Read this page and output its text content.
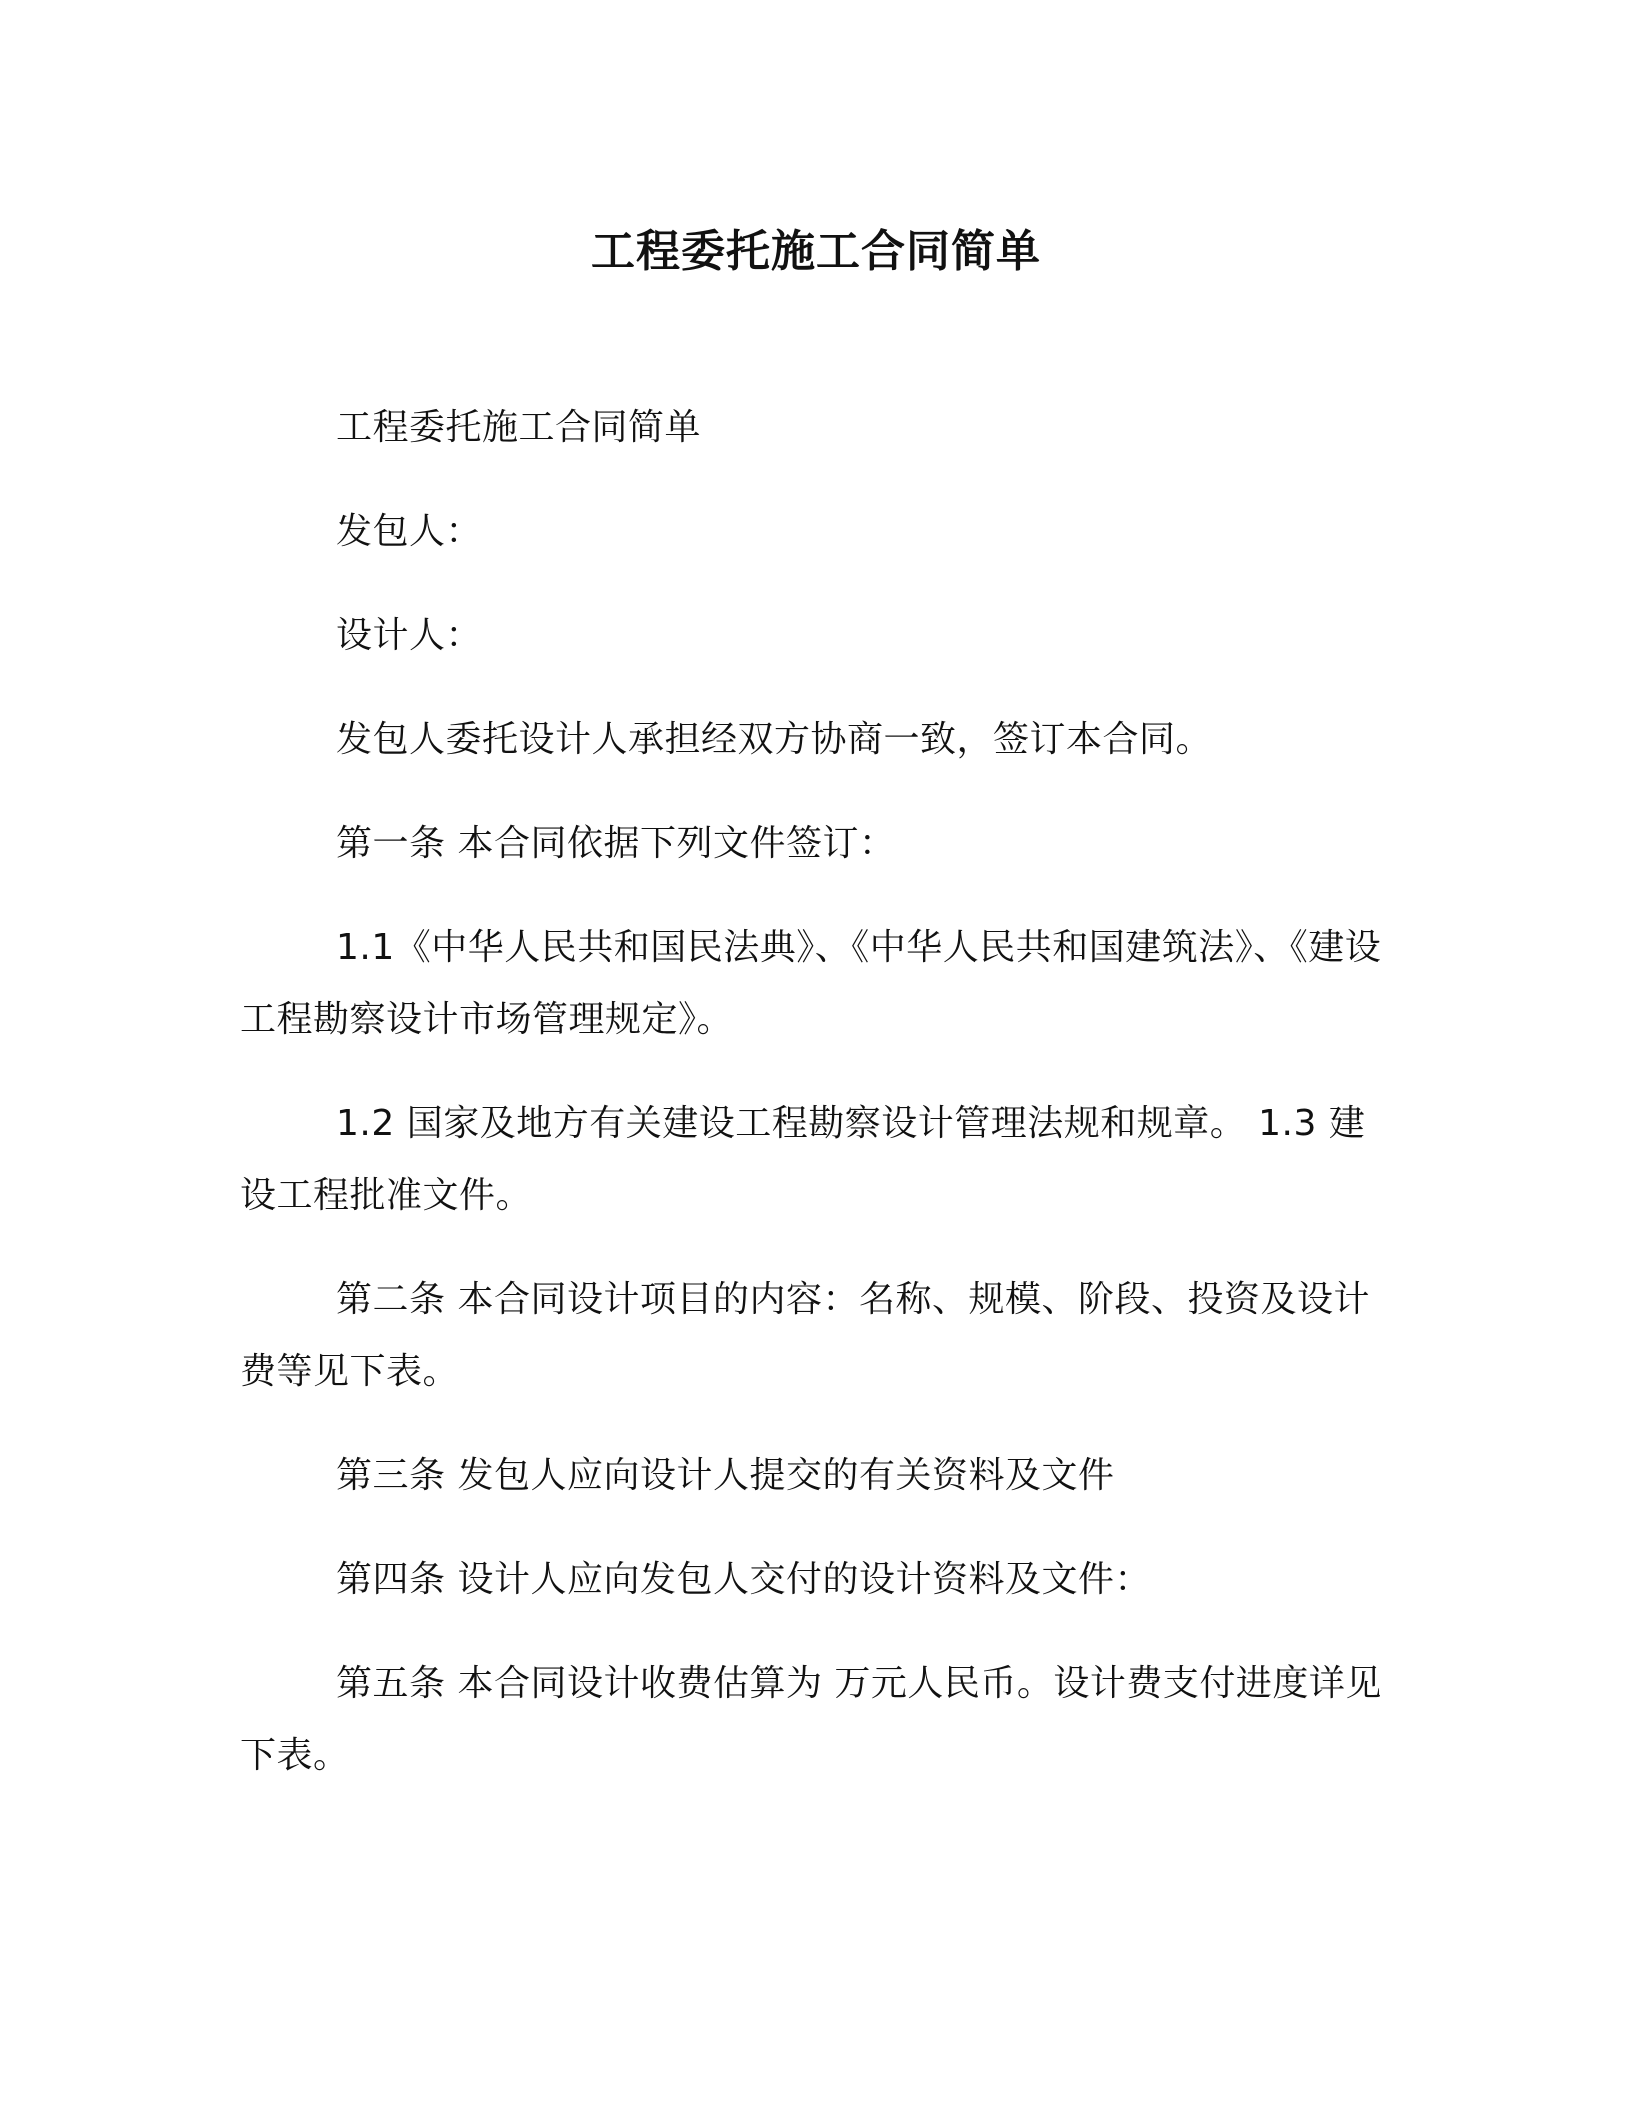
工程委托施工合同简单

工程委托施工合同简单

发包人：

设计人：

发包人委托设计人承担经双方协商一致，签订本合同。

第一条 本合同依据下列文件签订：

1.1《中华人民共和国民法典》、《中华人民共和国建筑法》、《建设工程勘察设计市场管理规定》。

1.2 国家及地方有关建设工程勘察设计管理法规和规章。 1.3 建设工程批准文件。

第二条 本合同设计项目的内容：名称、规模、阶段、投资及设计费等见下表。

第三条 发包人应向设计人提交的有关资料及文件

第四条 设计人应向发包人交付的设计资料及文件：

第五条 本合同设计收费估算为 万元人民币。设计费支付进度详见下表。
